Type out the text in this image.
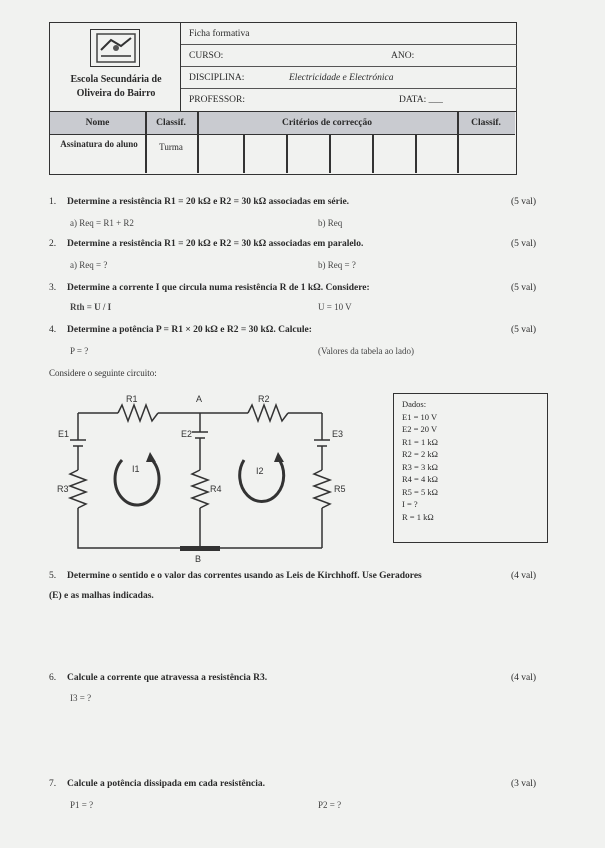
Escola Secundária de
Oliveira do Bairro
Ficha formativa
CURSO:	ANO:
DISCIPLINA:	Electricidade e Electrónica
PROFESSOR:	DATA: ___
Nome	Classif.	Critérios de correcção	Classif.
Assinatura do aluno	Turma
1. Determine a resistência R1 = 20 kΩ e R2 = 30 kΩ associadas em série.	(5 val)
a) Req = R1 + R2	b) Req
2. Determine a resistência R1 = 20 kΩ e R2 = 30 kΩ associadas em paralelo.	(5 val)
a) Req = ?	b) Req = ?
3. Determine a corrente I que circula numa resistência R de 1 kΩ. Considere:	(5 val)
Rth = U / I	U = 10 V
4. Determine a potência P = R1 × 20 kΩ e R2 = 30 kΩ. Calcule:	(5 val)
P = ?	(Valores da tabela ao lado)
Considere o seguinte circuito:
A
E1	E2	E3
R1	R2
R3	R4	R5
I1	I2
B
Dados:
E1 = 10 V
E2 = 20 V
R1 = 1 kΩ
R2 = 2 kΩ
R3 = 3 kΩ
R4 = 4 kΩ
R5 = 5 kΩ
I = ?
R = 1 kΩ
5. Determine o sentido e o valor das correntes usando as Leis de Kirchhoff. Use Geradores	(4 val)
(E) e as malhas indicadas.
6. Calcule a corrente que atravessa a resistência R3.	(4 val)
I3 = ?
7. Calcule a potência dissipada em cada resistência.	(3 val)
P1 = ?	P2 = ?
